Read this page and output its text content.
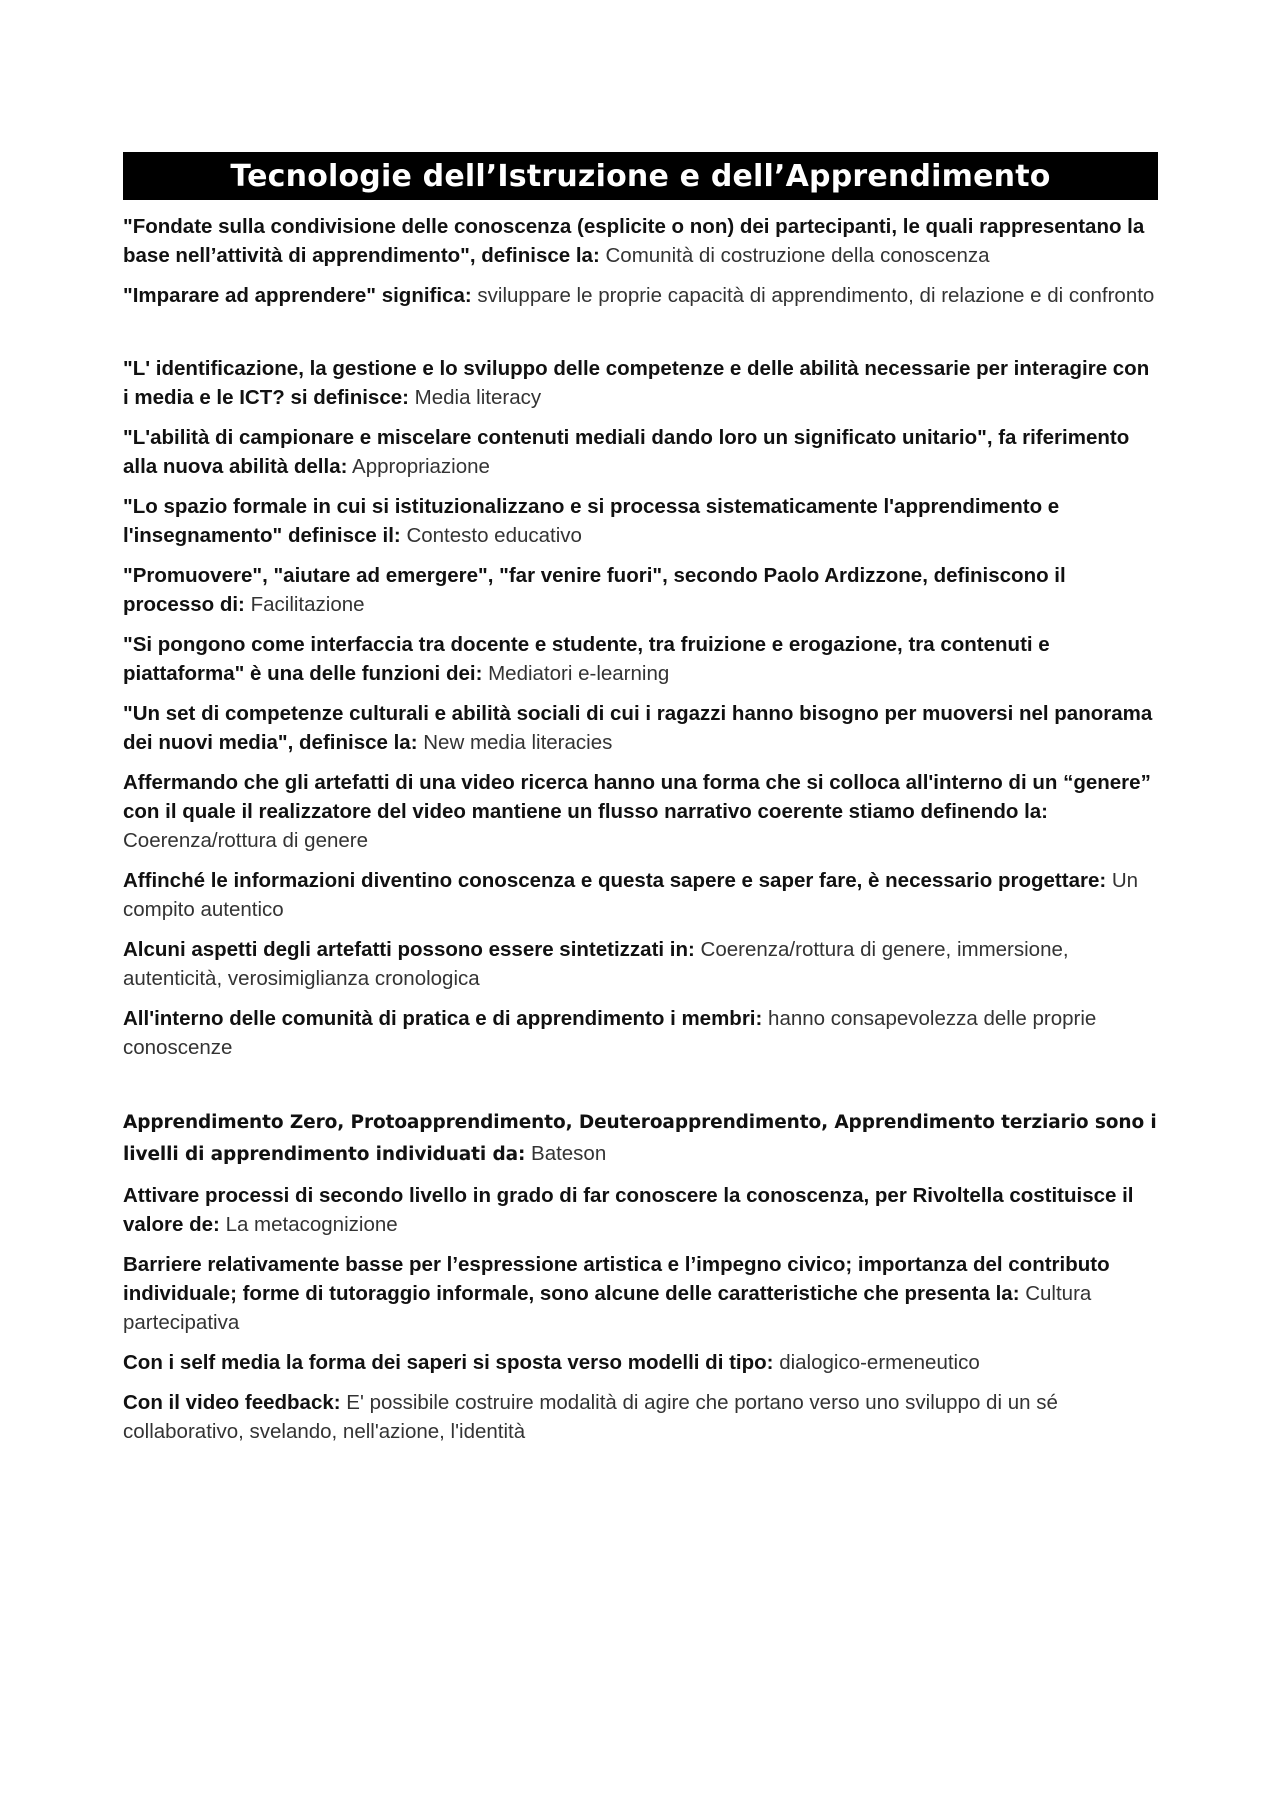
Tecnologie dell’Istruzione e dell’Apprendimento

"Fondate sulla condivisione delle conoscenza (esplicite o non) dei partecipanti, le quali rappresentano la base nell’attività di apprendimento", definisce la: Comunità di costruzione della conoscenza

"Imparare ad apprendere" significa: sviluppare le proprie capacità di apprendimento, di relazione e di confronto

"L' identificazione, la gestione e lo sviluppo delle competenze e delle abilità necessarie per interagire con i media e le ICT? si definisce: Media literacy

"L'abilità di campionare e miscelare contenuti mediali dando loro un significato unitario", fa riferimento alla nuova abilità della: Appropriazione

"Lo spazio formale in cui si istituzionalizzano e si processa sistematicamente l'apprendimento e l'insegnamento" definisce il: Contesto educativo

"Promuovere", "aiutare ad emergere", "far venire fuori", secondo Paolo Ardizzone, definiscono il processo di: Facilitazione

"Si pongono come interfaccia tra docente e studente, tra fruizione e erogazione, tra contenuti e piattaforma" è una delle funzioni dei: Mediatori e-learning

"Un set di competenze culturali e abilità sociali di cui i ragazzi hanno bisogno per muoversi nel panorama dei nuovi media", definisce la: New media literacies

Affermando che gli artefatti di una video ricerca hanno una forma che si colloca all'interno di un “genere” con il quale il realizzatore del video mantiene un flusso narrativo coerente stiamo definendo la: Coerenza/rottura di genere

Affinché le informazioni diventino conoscenza e questa sapere e saper fare, è necessario progettare: Un compito autentico

Alcuni aspetti degli artefatti possono essere sintetizzati in: Coerenza/rottura di genere, immersione, autenticità, verosimiglianza cronologica

All'interno delle comunità di pratica e di apprendimento i membri: hanno consapevolezza delle proprie conoscenze

Apprendimento Zero, Protoapprendimento, Deuteroapprendimento, Apprendimento terziario sono i livelli di apprendimento individuati da: Bateson

Attivare processi di secondo livello in grado di far conoscere la conoscenza, per Rivoltella costituisce il valore de: La metacognizione

Barriere relativamente basse per l’espressione artistica e l’impegno civico; importanza del contributo individuale; forme di tutoraggio informale, sono alcune delle caratteristiche che presenta la: Cultura partecipativa

Con i self media la forma dei saperi si sposta verso modelli di tipo: dialogico-ermeneutico

Con il video feedback: E' possibile costruire modalità di agire che portano verso uno sviluppo di un sé collaborativo, svelando, nell'azione, l'identità
